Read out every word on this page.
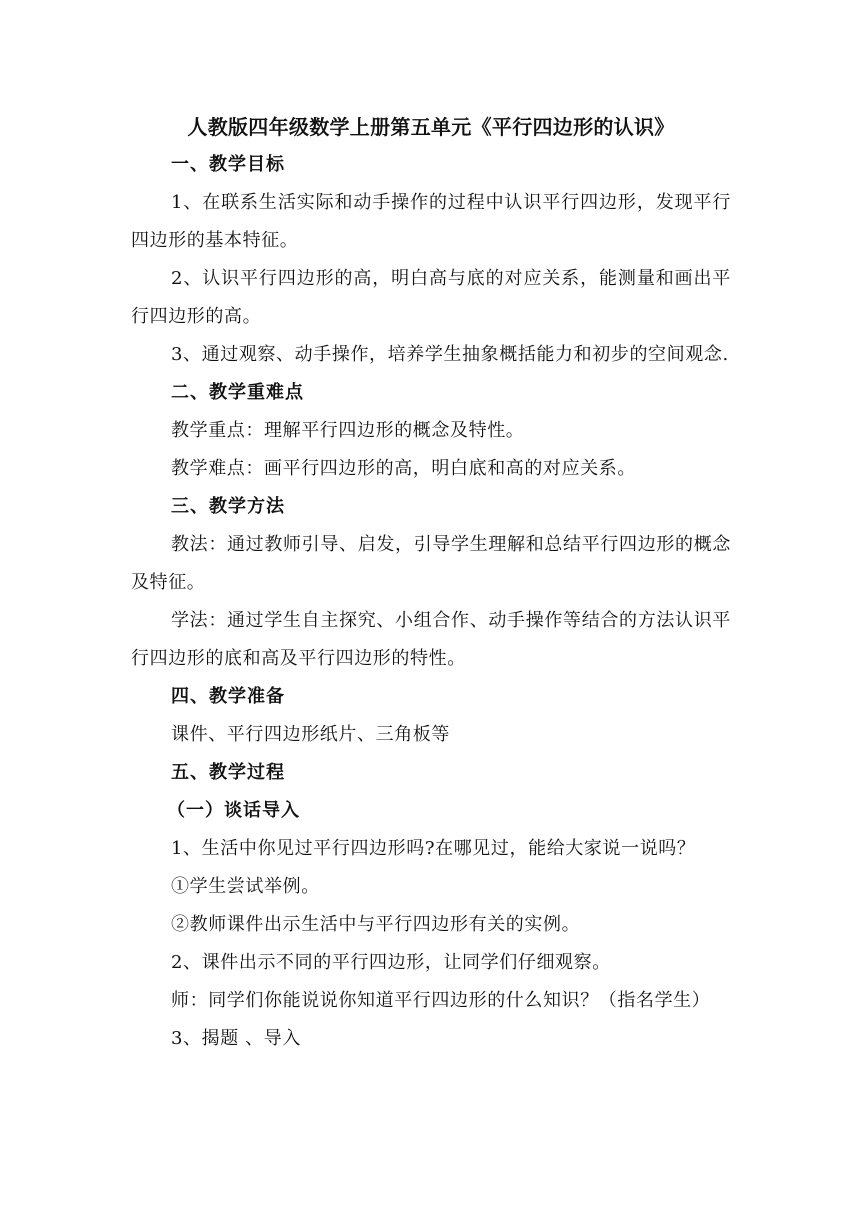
人教版四年级数学上册第五单元《平行四边形的认识》
一、教学目标

1、在联系生活实际和动手操作的过程中认识平行四边形，发现平行四边形的基本特征。

2、认识平行四边形的高，明白高与底的对应关系，能测量和画出平行四边形的高。

3、通过观察、动手操作，培养学生抽象概括能力和初步的空间观念.

二、教学重难点

教学重点：理解平行四边形的概念及特性。

教学难点：画平行四边形的高，明白底和高的对应关系。

三、教学方法

教法：通过教师引导、启发，引导学生理解和总结平行四边形的概念及特征。

学法：通过学生自主探究、小组合作、动手操作等结合的方法认识平行四边形的底和高及平行四边形的特性。

四、教学准备

课件、平行四边形纸片、三角板等

五、教学过程
（一）谈话导入

1、生活中你见过平行四边形吗?在哪见过，能给大家说一说吗？

①学生尝试举例。

②教师课件出示生活中与平行四边形有关的实例。

2、课件出示不同的平行四边形，让同学们仔细观察。

师：同学们你能说说你知道平行四边形的什么知识？（指名学生）

3、揭题 、导入
